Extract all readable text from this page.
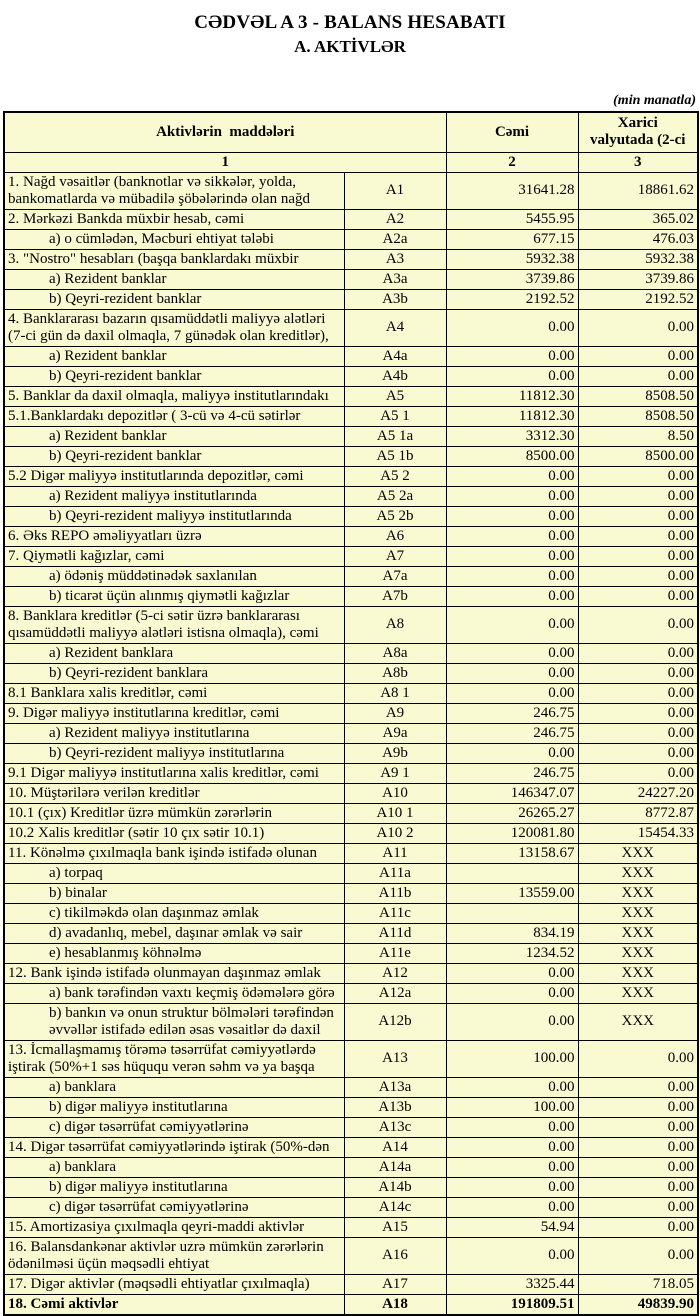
CƏDVƏL A 3 - BALANS HESABATI
A. AKTİVLƏR
(min manatla)
Aktivlərin  maddələri		Cəmi	Xarici
valyutada (2-ci

1		2	3

1. Nağd vəsaitlər (banknotlar və sikkələr, yolda,
bankomatlarda və mübadilə şöbələrində olan nağd	A1	31641.28	18861.62

2. Mərkəzi Bankda müxbir hesab, cəmi	A2	5455.95	365.02

a) o cümlədən, Məcburi ehtiyat tələbi	A2a	677.15	476.03

3. "Nostro" hesabları (başqa banklardakı müxbir	A3	5932.38	5932.38

a) Rezident banklar	A3a	3739.86	3739.86

b) Qeyri-rezident banklar	A3b	2192.52	2192.52

4. Banklararası bazarın qısamüddətli maliyyə alətləri
(7-ci gün də daxil olmaqla, 7 günədək olan kreditlər),	A4	0.00	0.00

a) Rezident banklar	A4a	0.00	0.00

b) Qeyri-rezident banklar	A4b	0.00	0.00

5. Banklar da daxil olmaqla, maliyyə institutlarındakı	A5	11812.30	8508.50

5.1.Banklardakı depozitlər ( 3-cü və 4-cü sətirlər	A5 1	11812.30	8508.50

a) Rezident banklar	A5 1a	3312.30	8.50

b) Qeyri-rezident banklar	A5 1b	8500.00	8500.00

5.2 Digər maliyyə institutlarında depozitlər, cəmi	A5 2	0.00	0.00

a) Rezident maliyyə institutlarında	A5 2a	0.00	0.00

b) Qeyri-rezident maliyyə institutlarında	A5 2b	0.00	0.00

6. Əks REPO əməliyyatları üzrə	A6	0.00	0.00

7. Qiymətli kağızlar, cəmi	A7	0.00	0.00

a) ödəniş müddətinədək saxlanılan	A7a	0.00	0.00

b) ticarət üçün alınmış qiymətli kağızlar	A7b	0.00	0.00

8. Banklara kreditlər (5-ci sətir üzrə banklararası
qısamüddətli maliyyə alətləri istisna olmaqla), cəmi	A8	0.00	0.00

a) Rezident banklara	A8a	0.00	0.00

b) Qeyri-rezident banklara	A8b	0.00	0.00

8.1 Banklara xalis kreditlər, cəmi	A8 1	0.00	0.00

9. Digər maliyyə institutlarına kreditlər, cəmi	A9	246.75	0.00

a) Rezident maliyyə institutlarına	A9a	246.75	0.00

b) Qeyri-rezident maliyyə institutlarına	A9b	0.00	0.00

9.1 Digər maliyyə institutlarına xalis kreditlər, cəmi	A9 1	246.75	0.00

10. Müştərilərə verilən kreditlər	A10	146347.07	24227.20

10.1 (çıx) Kreditlər üzrə mümkün zərərlərin	A10 1	26265.27	8772.87

10.2 Xalis kreditlər (sətir 10 çıx sətir 10.1)	A10 2	120081.80	15454.33

11. Könəlmə çıxılmaqla bank işində istifadə olunan	A11	13158.67	XXX

a) torpaq	A11a		XXX

b) binalar	A11b	13559.00	XXX

c) tikilməkdə olan daşınmaz əmlak	A11c		XXX

d) avadanlıq, mebel, daşınar əmlak və sair	A11d	834.19	XXX

e) hesablanmış köhnəlmə	A11e	1234.52	XXX

12. Bank işində istifadə olunmayan daşınmaz əmlak	A12	0.00	XXX

a) bank tərəfindən vaxtı keçmiş ödəmələrə görə	A12a	0.00	XXX

b) bankın və onun struktur bölmələri tərəfindən
əvvəllər istifadə edilən əsas vəsaitlər də daxil	A12b	0.00	XXX

13. İcmallaşmamış törəmə təsərrüfat cəmiyyətlərdə
iştirak (50%+1 səs hüququ verən səhm və ya başqa	A13	100.00	0.00

a) banklara	A13a	0.00	0.00

b) digər maliyyə institutlarına	A13b	100.00	0.00

c) digər təsərrüfat cəmiyyətlərinə	A13c	0.00	0.00

14. Digər təsərrüfat cəmiyyətlərində iştirak (50%-dən	A14	0.00	0.00

a) banklara	A14a	0.00	0.00

b) digər maliyyə institutlarına	A14b	0.00	0.00

c) digər təsərrüfat cəmiyyətlərinə	A14c	0.00	0.00

15. Amortizasiya çıxılmaqla qeyri-maddi aktivlər	A15	54.94	0.00

16. Balansdankənar aktivlər uzrə mümkün zərərlərin
ödənilməsi üçün məqsədli ehtiyat	A16	0.00	0.00

17. Digər aktivlər (məqsədli ehtiyatlar çıxılmaqla)	A17	3325.44	718.05

18. Cəmi aktivlər	A18	191809.51	49839.90
